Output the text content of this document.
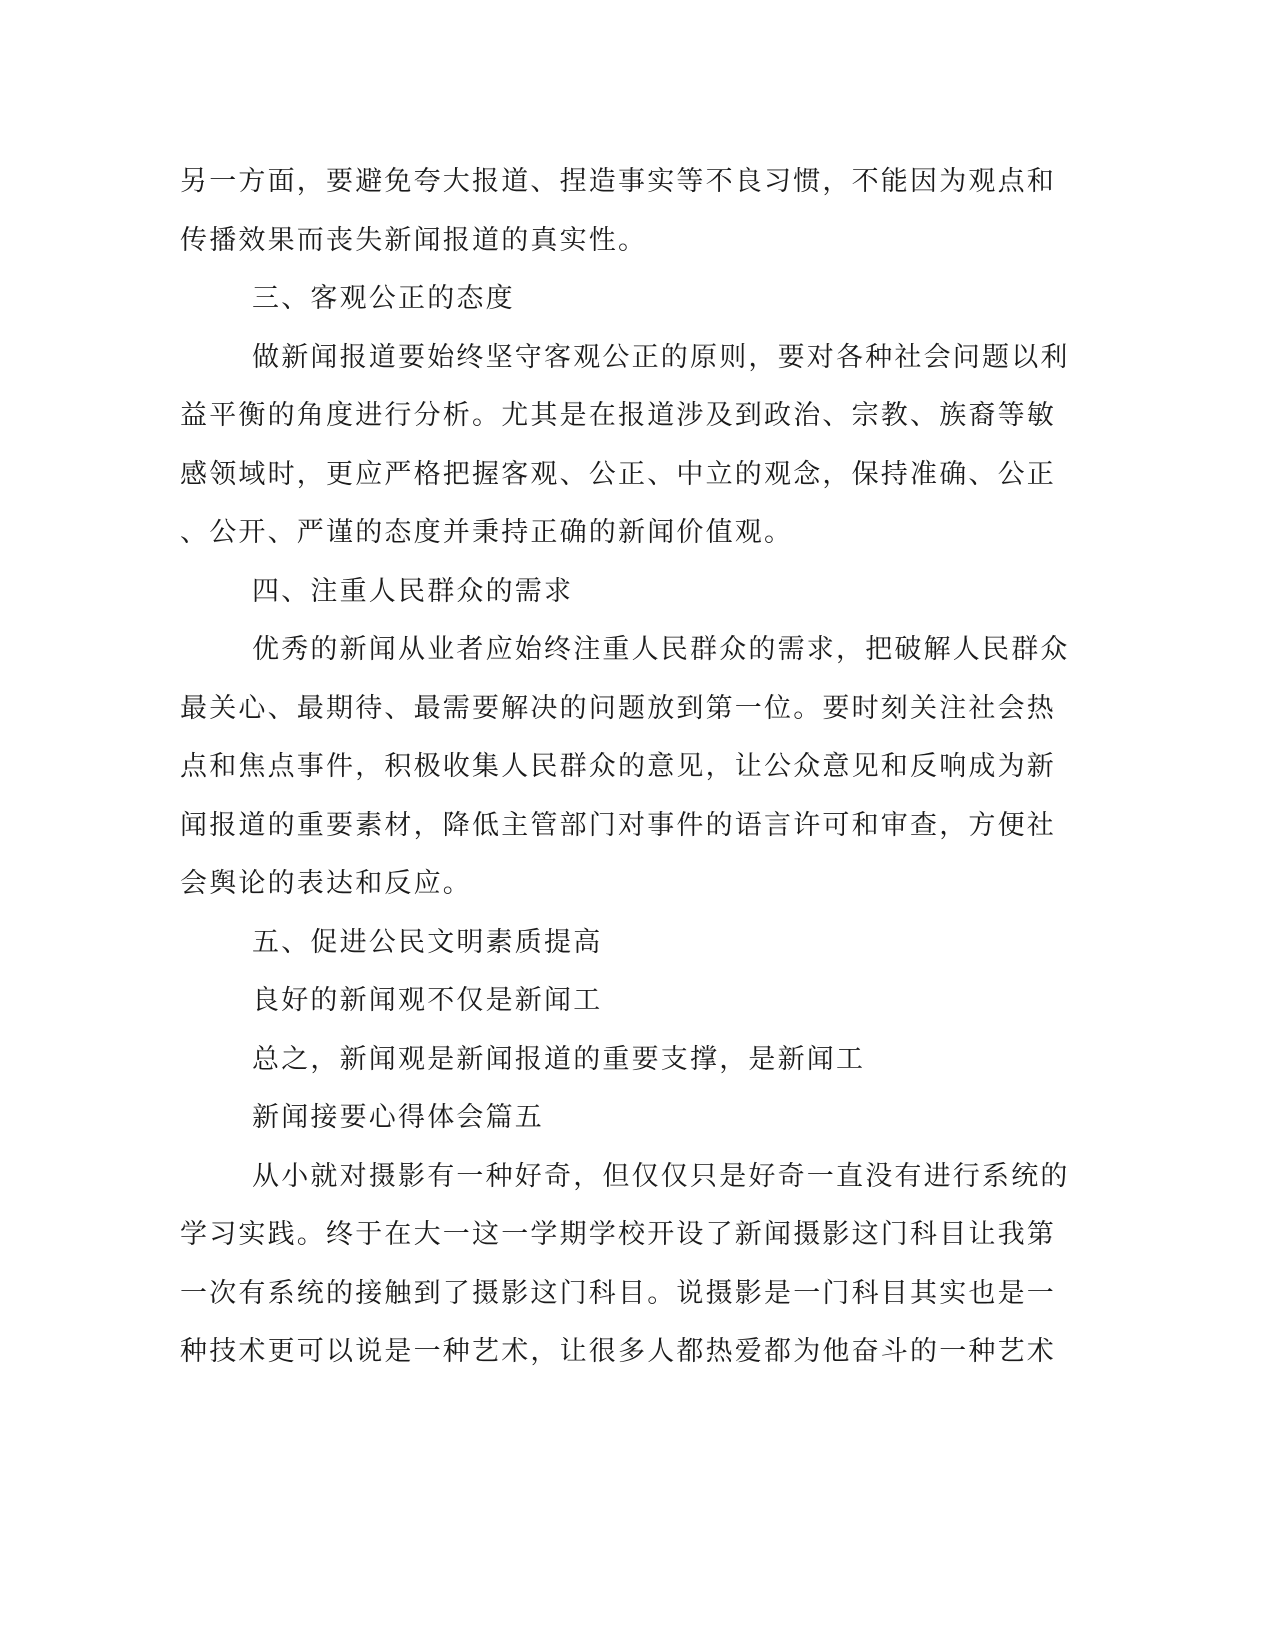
另一方面，要避免夸大报道、捏造事实等不良习惯，不能因为观点和
传播效果而丧失新闻报道的真实性。
三、客观公正的态度
做新闻报道要始终坚守客观公正的原则，要对各种社会问题以利
益平衡的角度进行分析。尤其是在报道涉及到政治、宗教、族裔等敏
感领域时，更应严格把握客观、公正、中立的观念，保持准确、公正
、公开、严谨的态度并秉持正确的新闻价值观。
四、注重人民群众的需求
优秀的新闻从业者应始终注重人民群众的需求，把破解人民群众
最关心、最期待、最需要解决的问题放到第一位。要时刻关注社会热
点和焦点事件，积极收集人民群众的意见，让公众意见和反响成为新
闻报道的重要素材，降低主管部门对事件的语言许可和审查，方便社
会舆论的表达和反应。
五、促进公民文明素质提高
良好的新闻观不仅是新闻工
总之，新闻观是新闻报道的重要支撑，是新闻工
新闻接要心得体会篇五
从小就对摄影有一种好奇，但仅仅只是好奇一直没有进行系统的
学习实践。终于在大一这一学期学校开设了新闻摄影这门科目让我第
一次有系统的接触到了摄影这门科目。说摄影是一门科目其实也是一
种技术更可以说是一种艺术，让很多人都热爱都为他奋斗的一种艺术
